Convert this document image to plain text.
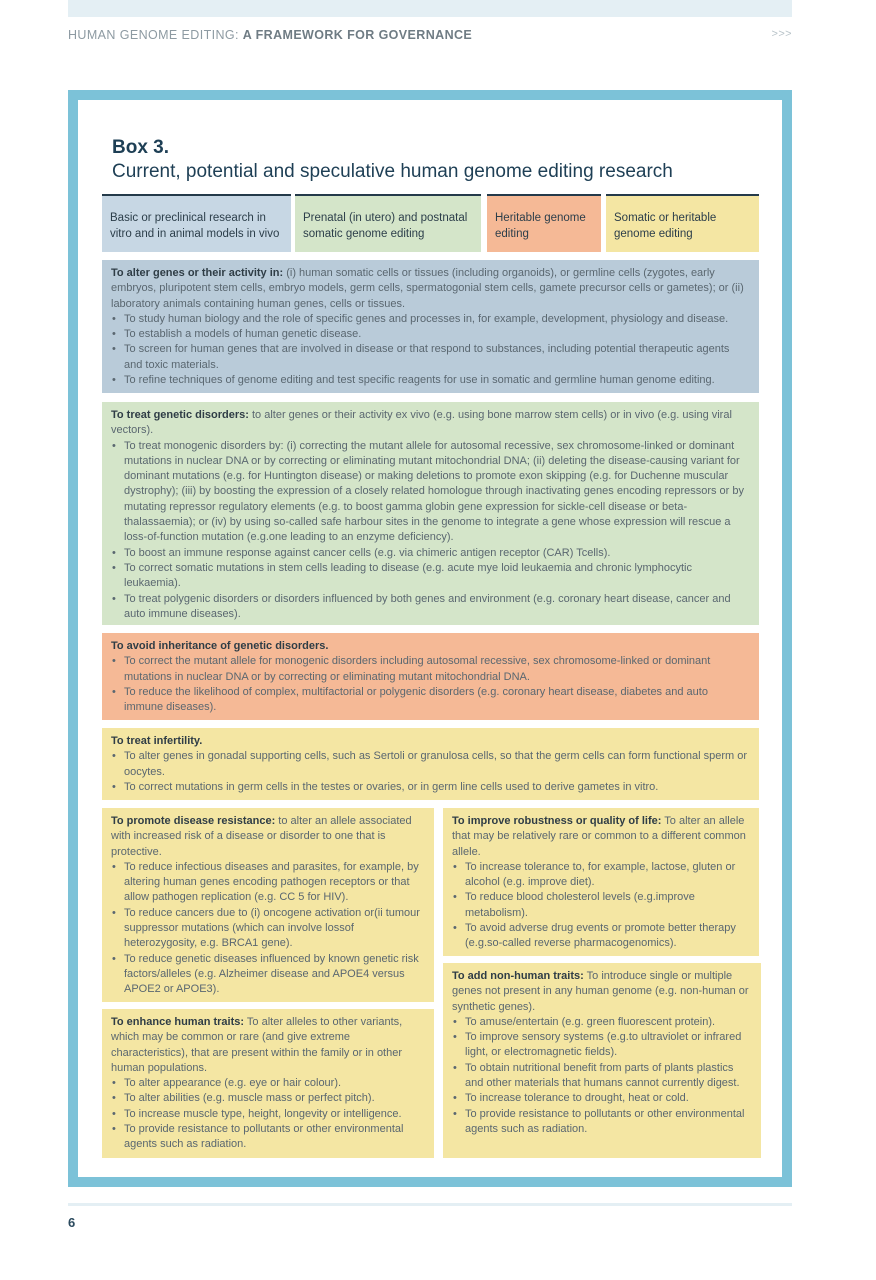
HUMAN GENOME EDITING: A FRAMEWORK FOR GOVERNANCE	>>>
Box 3.
Current, potential and speculative human genome editing research
Basic or preclinical research in vitro and in animal models in vivo
Prenatal (in utero) and postnatal somatic genome editing
Heritable genome editing
Somatic or heritable genome editing

To alter genes or their activity in: (i) human somatic cells or tissues (including organoids), or germline cells (zygotes, early embryos, pluripotent stem cells, embryo models, germ cells, spermatogonial stem cells, gamete precursor cells or gametes); or (ii) laboratory animals containing human genes, cells or tissues.

• To study human biology and the role of specific genes and processes in, for example, development, physiology and disease.
• To establish a models of human genetic disease.
• To screen for human genes that are involved in disease or that respond to substances, including potential therapeutic agents and toxic materials.
• To refine techniques of genome editing and test specific reagents for use in somatic and germline human genome editing.

To treat genetic disorders: to alter genes or their activity ex vivo (e.g. using bone marrow stem cells) or in vivo (e.g. using viral vectors).

• To treat monogenic disorders by: (i) correcting the mutant allele for autosomal recessive, sex chromosome-linked or dominant mutations in nuclear DNA or by correcting or eliminating mutant mitochondrial DNA; (ii) deleting the disease-causing variant for dominant mutations (e.g. for Huntington disease) or making deletions to promote exon skipping (e.g. for Duchenne muscular dystrophy); (iii) by boosting the expression of a closely related homologue through inactivating genes encoding repressors or by mutating repressor regulatory elements (e.g. to boost gamma globin gene expression for sickle-cell disease or beta-thalassaemia); or (iv) by using so-called safe harbour sites in the genome to integrate a gene whose expression will rescue a loss-of-function mutation (e.g.one leading to an enzyme deficiency).
• To boost an immune response against cancer cells (e.g. via chimeric antigen receptor (CAR) Tcells).
• To correct somatic mutations in stem cells leading to disease (e.g. acute mye loid leukaemia and chronic lymphocytic leukaemia).
• To treat polygenic disorders or disorders influenced by both genes and environment (e.g. coronary heart disease, cancer and auto immune diseases).

To avoid inheritance of genetic disorders.

• To correct the mutant allele for monogenic disorders including autosomal recessive, sex chromosome-linked or dominant mutations in nuclear DNA or by correcting or eliminating mutant mitochondrial DNA.
• To reduce the likelihood of complex, multifactorial or polygenic disorders (e.g. coronary heart disease, diabetes and auto immune diseases).

To treat infertility.

• To alter genes in gonadal supporting cells, such as Sertoli or granulosa cells, so that the germ cells can form functional sperm or oocytes.
• To correct mutations in germ cells in the testes or ovaries, or in germ line cells used to derive gametes in vitro.

To promote disease resistance: to alter an allele associated with increased risk of a disease or disorder to one that is protective.

• To reduce infectious diseases and parasites, for example, by altering human genes encoding pathogen receptors or that allow pathogen replication (e.g. CC 5 for HIV).
• To reduce cancers due to (i) oncogene activation or(ii tumour suppressor mutations (which can involve lossof heterozygosity, e.g. BRCA1 gene).
• To reduce genetic diseases influenced by known genetic risk factors/alleles (e.g. Alzheimer disease and APOE4 versus APOE2 or APOE3).

To improve robustness or quality of life: To alter an allele that may be relatively rare or common to a different common allele.

• To increase tolerance to, for example, lactose, gluten or alcohol (e.g. improve diet).
• To reduce blood cholesterol levels (e.g.improve metabolism).
• To avoid adverse drug events or promote better therapy (e.g.so-called reverse pharmacogenomics).

To add non-human traits: To introduce single or multiple genes not present in any human genome (e.g. non-human or synthetic genes).

• To amuse/entertain (e.g. green fluorescent protein).
• To improve sensory systems (e.g.to ultraviolet or infrared light, or electromagnetic fields).
• To obtain nutritional benefit from parts of plants plastics and other materials that humans cannot currently digest.
• To increase tolerance to drought, heat or cold.
• To provide resistance to pollutants or other environmental agents such as radiation.

To enhance human traits: To alter alleles to other variants, which may be common or rare (and give extreme characteristics), that are present within the family or in other human populations.

• To alter appearance (e.g. eye or hair colour).
• To alter abilities (e.g. muscle mass or perfect pitch).
• To increase muscle type, height, longevity or intelligence.
• To provide resistance to pollutants or other environmental agents such as radiation.
6
